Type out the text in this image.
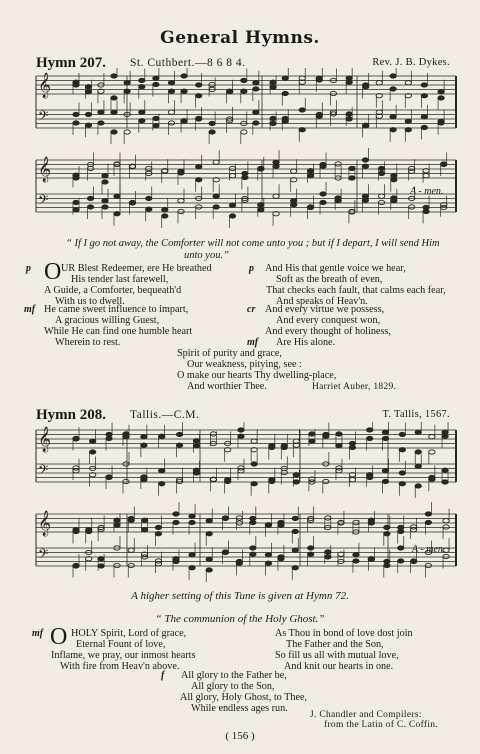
General Hymns.
Hymn 207. St. Cuthbert.—8 6 8 4.	Rev. J. B. Dykes.
𝄞
𝄢
𝄞
𝄢
A - men.
“ If I go not away, the Comforter will not come unto you ; but if I depart, I will send Him
unto you.”
p O UR Blest Redeemer, ere He breathed
His tender last farewell,
A Guide, a Comforter, bequeath'd
With us to dwell.
p And His that gentle voice we hear,
Soft as the breath of even,
That checks each fault, that calms each fear,
And speaks of Heav'n.
mf He came sweet influence to impart,
A gracious willing Guest,
While He can find one humble heart
Wherein to rest.
cr And every virtue we possess,
And every conquest won,
And every thought of holiness,
mf Are His alone.
Spirit of purity and grace,
Our weakness, pitying, see :
O make our hearts Thy dwelling-place,
And worthier Thee.	Harriet Auber, 1829.
Hymn 208. Tallis.—C.M.	T. Tallis, 1567.
𝄞
𝄢
𝄞
𝄢	A - men.
A higher setting of this Tune is given at Hymn 72.
“ The communion of the Holy Ghost.”
mf O HOLY Spirit, Lord of grace,
Eternal Fount of love,
Inflame, we pray, our inmost hearts
With fire from Heav'n above.
As Thou in bond of love dost join
The Father and the Son,
So fill us all with mutual love,
And knit our hearts in one.
f All glory to the Father be,
All glory to the Son,
All glory, Holy Ghost, to Thee,
While endless ages run.
J. Chandler and Compilers:
from the Latin of C. Coffin.
( 156 )
